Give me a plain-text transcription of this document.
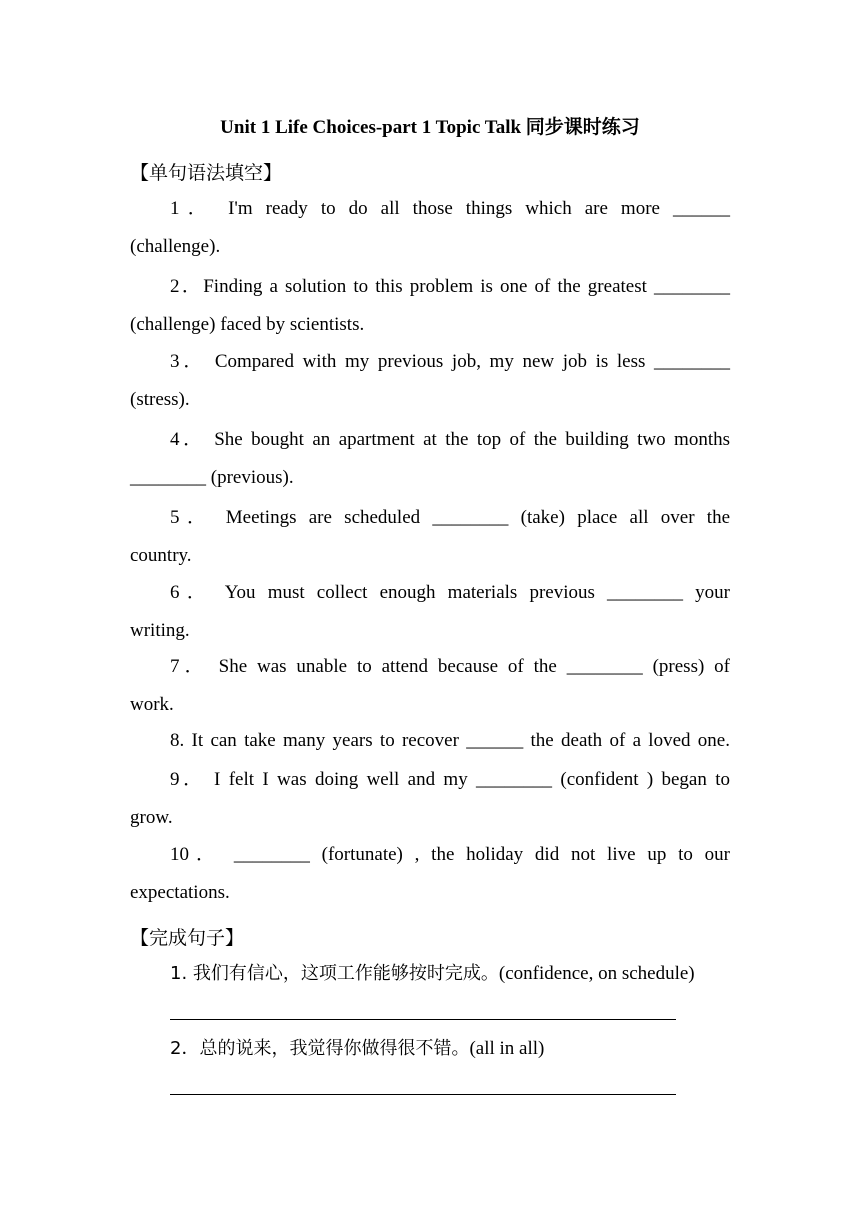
Unit 1 Life Choices-part 1 Topic Talk 同步课时练习
【单句语法填空】
1． I'm ready to do all those things which are more ______
(challenge).
2．Finding a solution to this problem is one of the greatest ________
(challenge) faced by scientists.
3． Compared with my previous job, my new job is less ________
(stress).
4． She bought an apartment at the top of the building two months
________ (previous).
5． Meetings are scheduled ________ (take) place all over the
country.
6． You must collect enough materials previous ________ your
writing.
7． She was unable to attend because of the ________ (press) of
work.
8. It can take many years to recover ______ the death of a loved one.
9． I felt I was doing well and my ________ (confident ) began to
grow.
10． ________ (fortunate) , the holiday did not live up to our
expectations.
【完成句子】
1. 我们有信心，这项工作能够按时完成。(confidence, on schedule)
2．总的说来，我觉得你做得很不错。(all in all)
